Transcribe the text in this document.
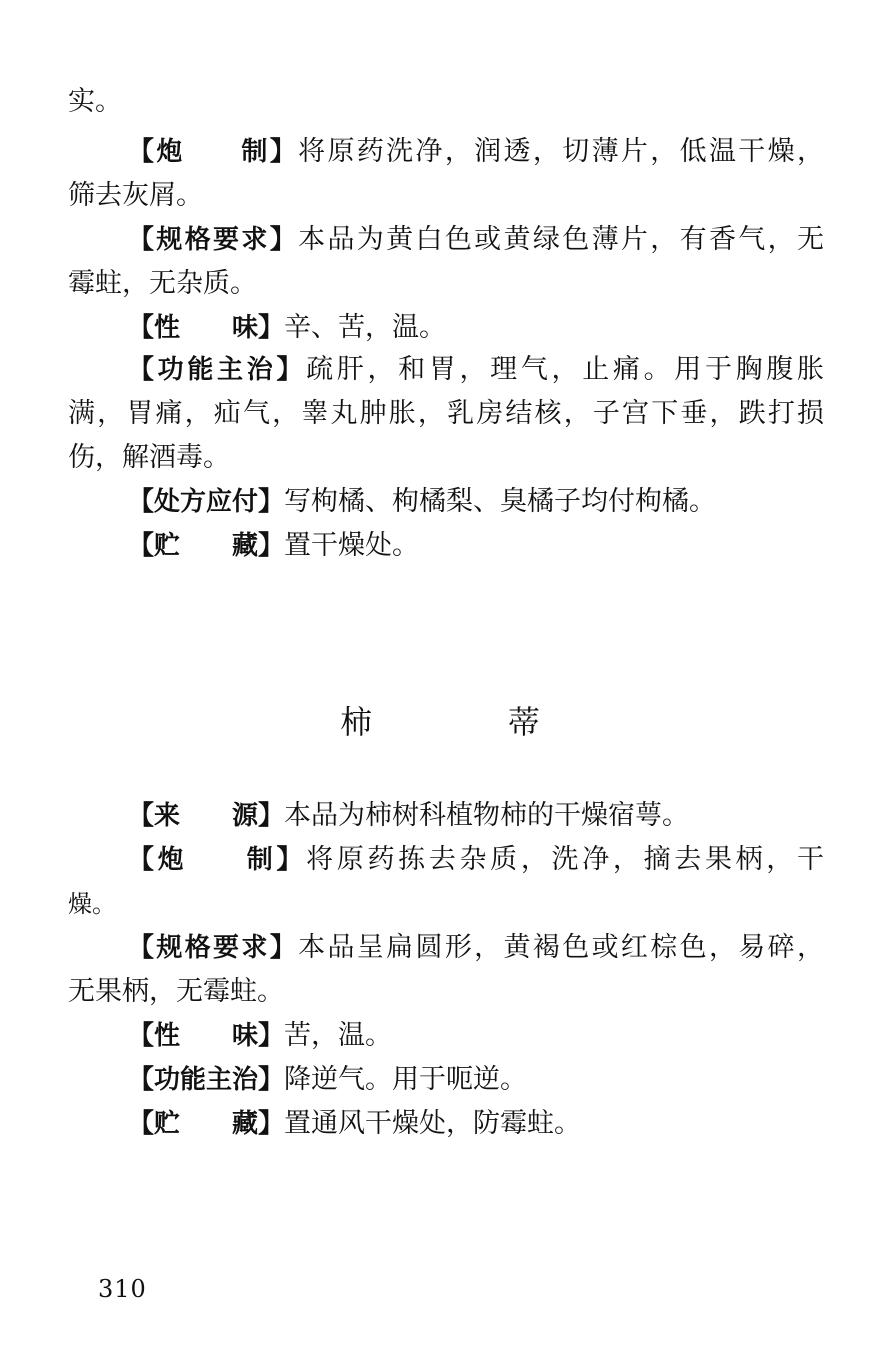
实。
【炮　　制】将原药洗净，润透，切薄片，低温干燥，
筛去灰屑。
【规格要求】本品为黄白色或黄绿色薄片，有香气，无
霉蛀，无杂质。
【性　　味】辛、苦，温。
【功能主治】疏肝，和胃，理气，止痛。用于胸腹胀
满，胃痛，疝气，睾丸肿胀，乳房结核，子宫下垂，跌打损
伤，解酒毒。
【处方应付】写枸橘、枸橘梨、臭橘子均付枸橘。
【贮　　藏】置干燥处。
柿	蒂
【来　　源】本品为柿树科植物柿的干燥宿萼。
【炮　　制】将原药拣去杂质，洗净，摘去果柄，干
燥。
【规格要求】本品呈扁圆形，黄褐色或红棕色，易碎，
无果柄，无霉蛀。
【性　　味】苦，温。
【功能主治】降逆气。用于呃逆。
【贮　　藏】置通风干燥处，防霉蛀。
310
